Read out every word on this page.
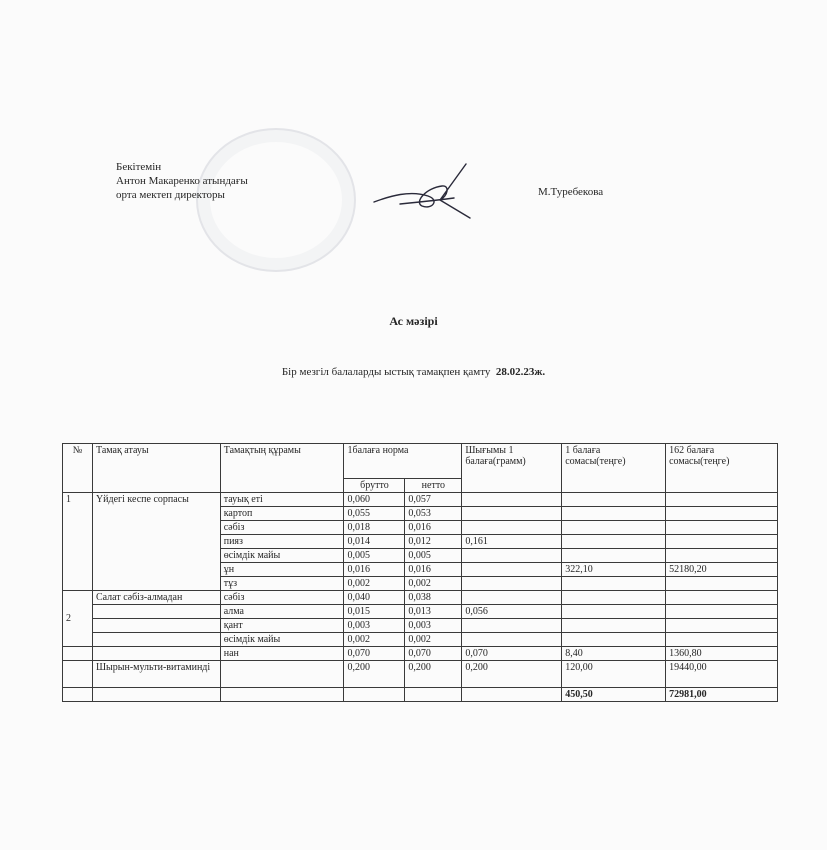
Бекітемін
Антон Макаренко атындағы
орта мектеп директоры	М.Туребекова
Ас мәзірі
Бір мезгіл балаларды ыстық тамақпен қамту 28.02.23ж.
№	Тамақ атауы	Тамақтың құрамы	1балаға норма		Шығымы 1 балаға(грамм)	1 балаға сомасы(теңге)	162 балаға сомасы(теңге)
			брутто	нетто			
1	Үйдегі кеспе сорпасы	тауық еті	0,060	0,057			
		картоп	0,055	0,053			
		сәбіз	0,018	0,016			
		пияз	0,014	0,012	0,161		
		өсімдік майы	0,005	0,005			
		ұн	0,016	0,016		322,10	52180,20
		тұз	0,002	0,002			
2	Салат сәбіз-алмадан	сәбіз	0,040	0,038			
		алма	0,015	0,013	0,056		
		қант	0,003	0,003			
		өсімдік майы	0,002	0,002			
		нан	0,070	0,070	0,070	8,40	1360,80
	Шырын-мульти-витаминді		0,200	0,200	0,200	120,00	19440,00
						450,50	72981,00
